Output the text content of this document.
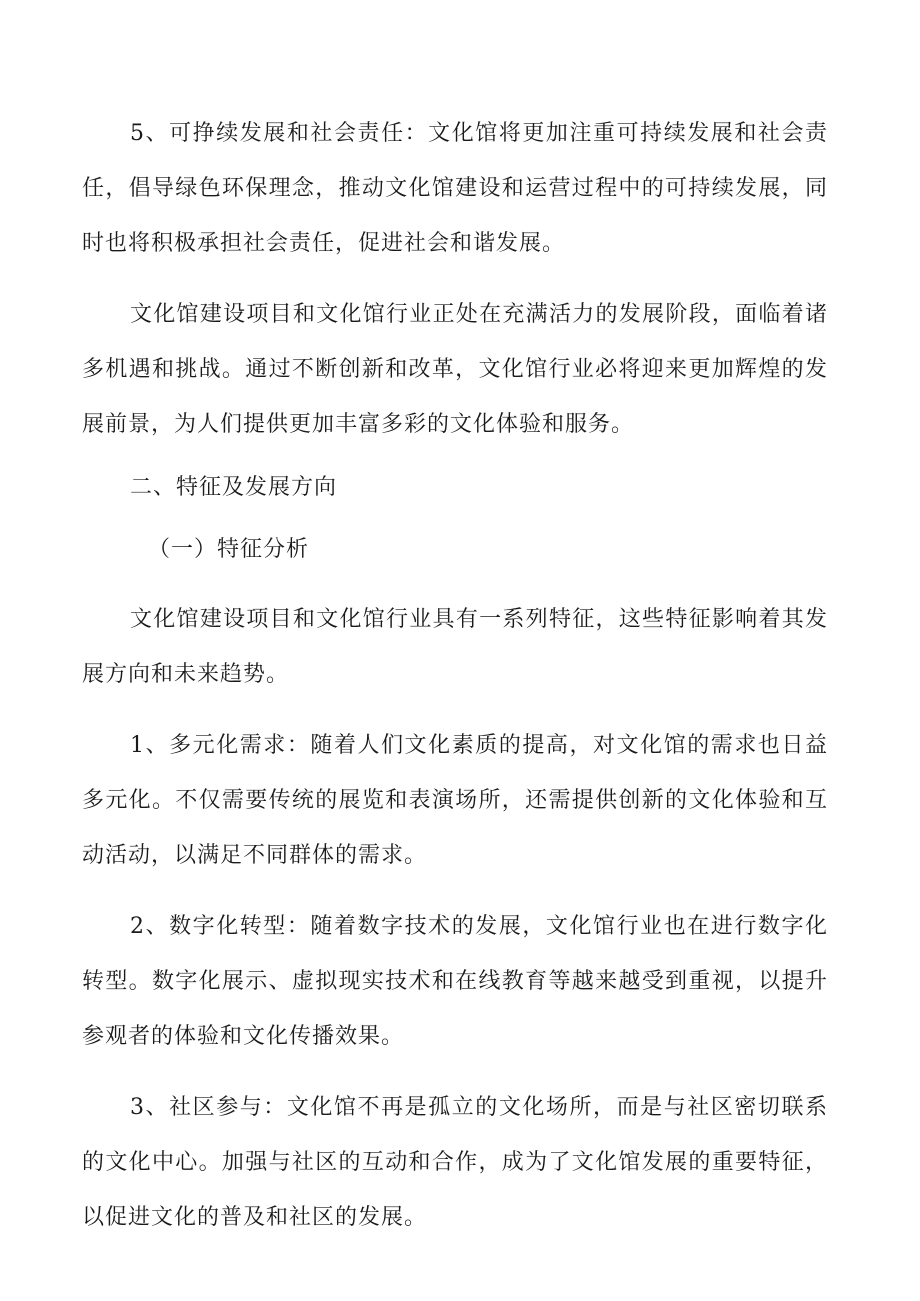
5、可挣续发展和社会责任：文化馆将更加注重可持续发展和社会责任，倡导绿色环保理念，推动文化馆建设和运营过程中的可持续发展，同时也将积极承担社会责任，促进社会和谐发展。

文化馆建设项目和文化馆行业正处在充满活力的发展阶段，面临着诸多机遇和挑战。通过不断创新和改革，文化馆行业必将迎来更加辉煌的发展前景，为人们提供更加丰富多彩的文化体验和服务。

二、特征及发展方向
（一）特征分析

文化馆建设项目和文化馆行业具有一系列特征，这些特征影响着其发展方向和未来趋势。

1、多元化需求：随着人们文化素质的提高，对文化馆的需求也日益多元化。不仅需要传统的展览和表演场所，还需提供创新的文化体验和互动活动，以满足不同群体的需求。

2、数字化转型：随着数字技术的发展，文化馆行业也在进行数字化转型。数字化展示、虚拟现实技术和在线教育等越来越受到重视，以提升参观者的体验和文化传播效果。

3、社区参与：文化馆不再是孤立的文化场所，而是与社区密切联系的文化中心。加强与社区的互动和合作，成为了文化馆发展的重要特征，以促进文化的普及和社区的发展。
